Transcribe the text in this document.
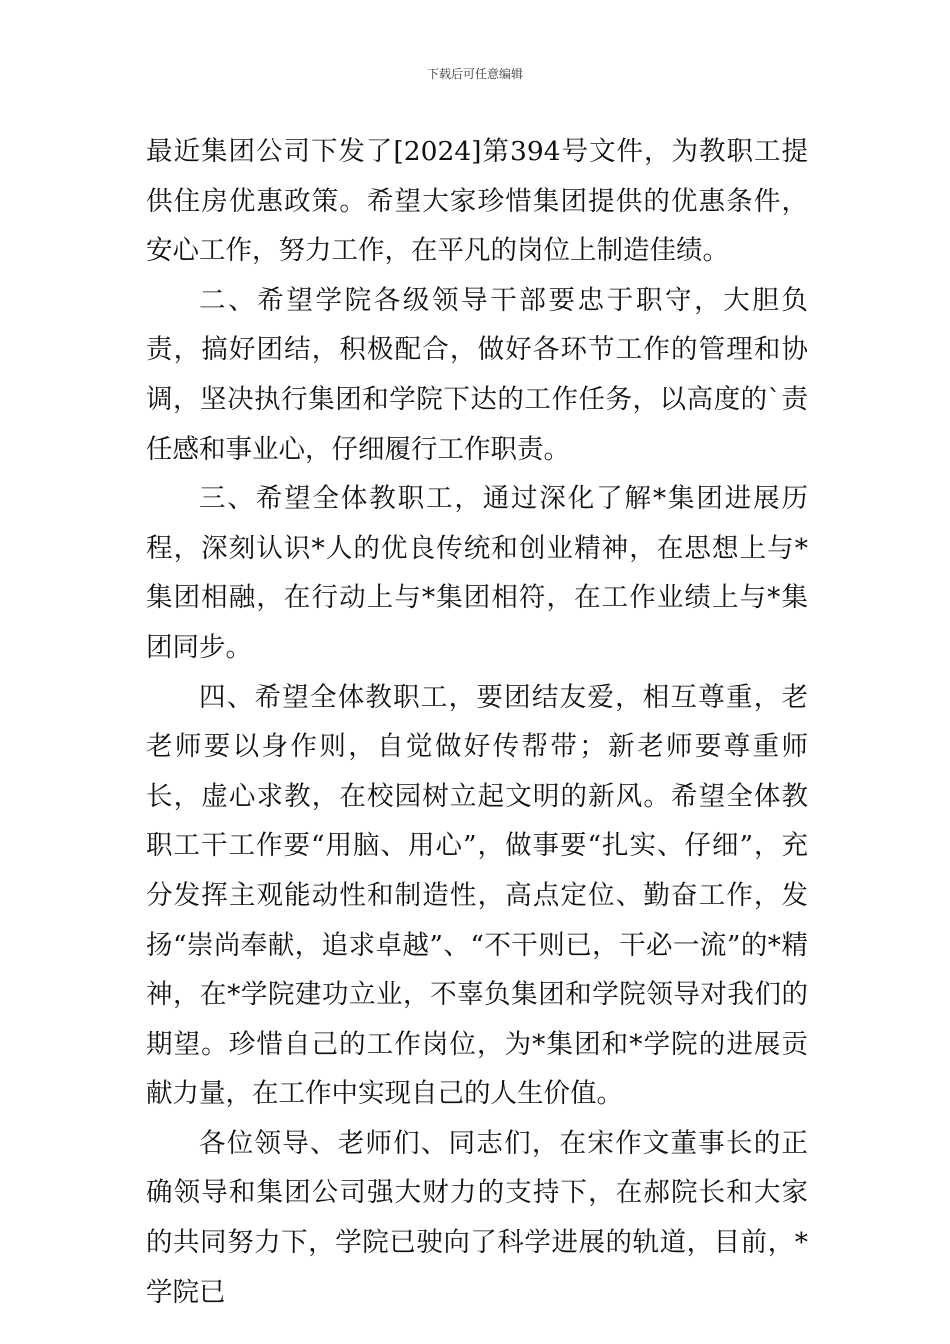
下载后可任意编辑

最近集团公司下发了[2024]第394号文件，为教职工提供住房优惠政策。希望大家珍惜集团提供的优惠条件，安心工作，努力工作，在平凡的岗位上制造佳绩。

二、希望学院各级领导干部要忠于职守，大胆负责，搞好团结，积极配合，做好各环节工作的管理和协调，坚决执行集团和学院下达的工作任务，以高度的`责任感和事业心，仔细履行工作职责。

三、希望全体教职工，通过深化了解*集团进展历程，深刻认识*人的优良传统和创业精神，在思想上与*集团相融，在行动上与*集团相符，在工作业绩上与*集团同步。

四、希望全体教职工，要团结友爱，相互尊重，老老师要以身作则，自觉做好传帮带；新老师要尊重师长，虚心求教，在校园树立起文明的新风。希望全体教职工干工作要“用脑、用心”，做事要“扎实、仔细”，充分发挥主观能动性和制造性，高点定位、勤奋工作，发扬“崇尚奉献，追求卓越”、“不干则已，干必一流”的*精神，在*学院建功立业，不辜负集团和学院领导对我们的期望。珍惜自己的工作岗位，为*集团和*学院的进展贡献力量，在工作中实现自己的人生价值。

各位领导、老师们、同志们，在宋作文董事长的正确领导和集团公司强大财力的支持下，在郝院长和大家的共同努力下，学院已驶向了科学进展的轨道，目前，*学院已
